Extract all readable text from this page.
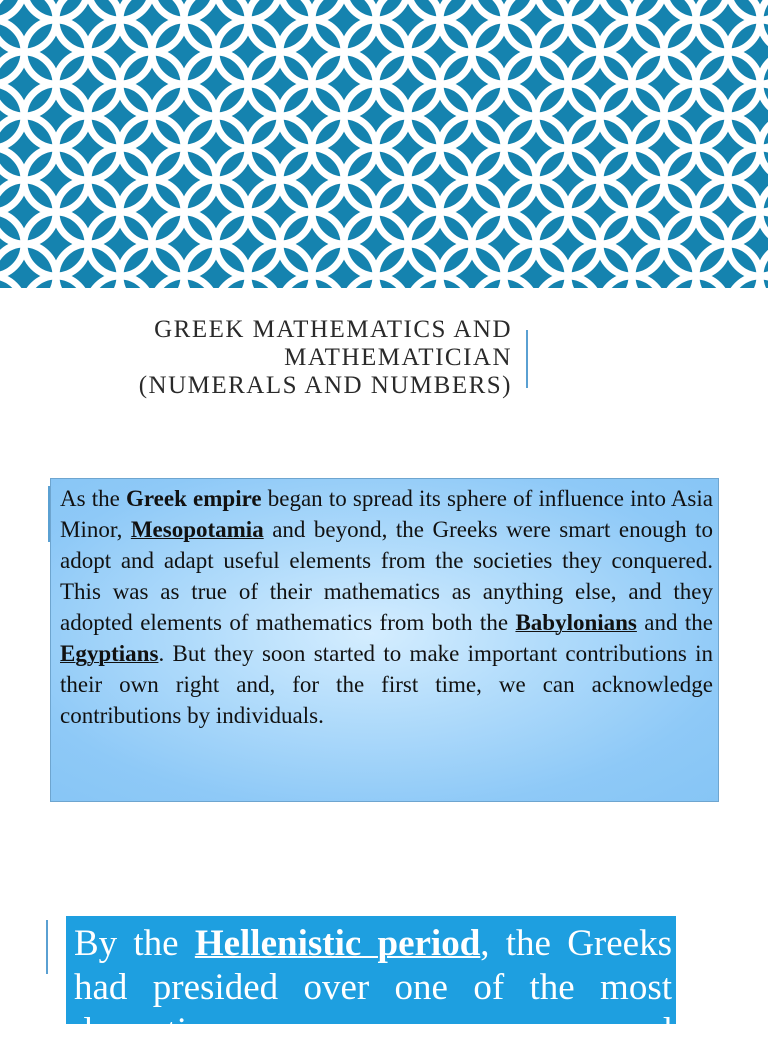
GREEK MATHEMATICS AND
MATHEMATICIAN
(NUMERALS AND NUMBERS)

As the Greek empire began to spread its sphere of influence into Asia Minor, Mesopotamia and beyond, the Greeks were smart enough to adopt and adapt useful elements from the societies they conquered. This was as true of their mathematics as anything else, and they adopted elements of mathematics from both the Babylonians and the Egyptians. But they soon started to make important contributions in their own right and, for the first time, we can acknowledge contributions by individuals.

By the Hellenistic period, the Greeks had presided over one of the most dramatic and
